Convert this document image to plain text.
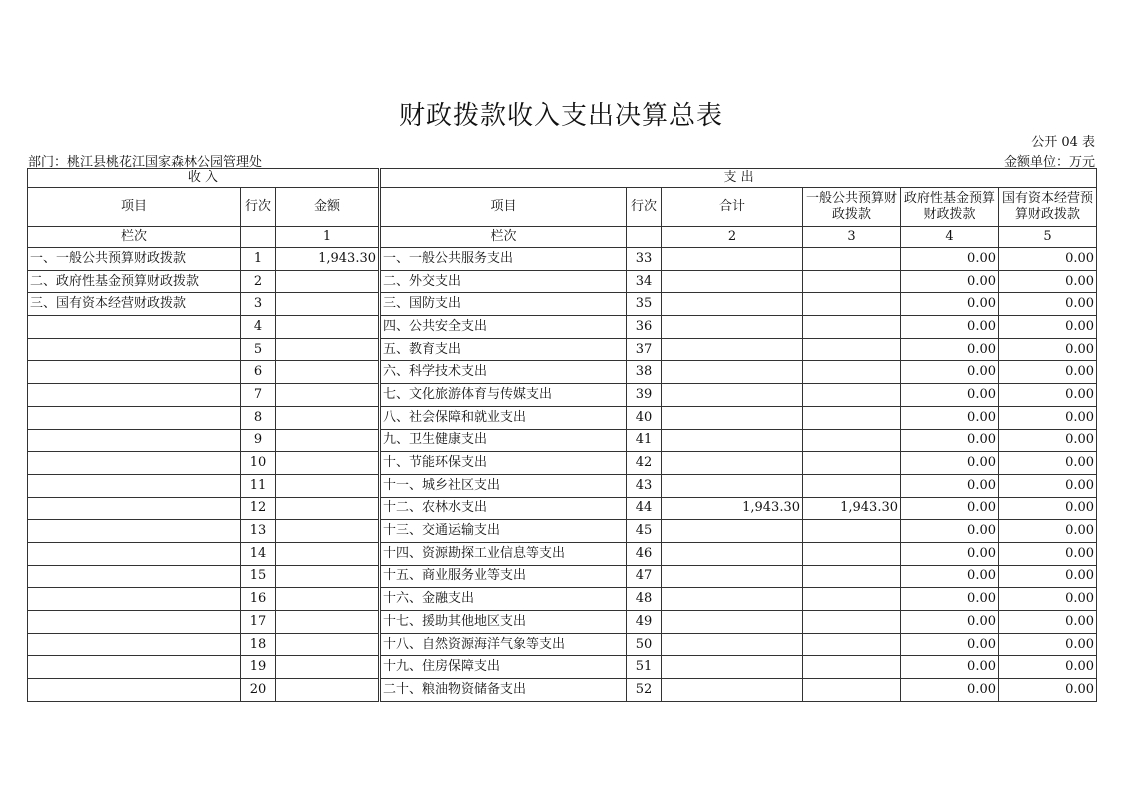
财政拨款收入支出决算总表
公开 04 表
部门：桃江县桃花江国家森林公园管理处	金额单位：万元
收 入			支 出					
项目	行次	金额	项目	行次	合计	一般公共预算财政拨款	政府性基金预算财政拨款	国有资本经营预算财政拨款
栏次		1	栏次		2	3	4	5
一、一般公共预算财政拨款	1	1,943.30	一、一般公共服务支出	33			0.00	0.00
二、政府性基金预算财政拨款	2		二、外交支出	34			0.00	0.00
三、国有资本经营财政拨款	3		三、国防支出	35			0.00	0.00
	4		四、公共安全支出	36			0.00	0.00
	5		五、教育支出	37			0.00	0.00
	6		六、科学技术支出	38			0.00	0.00
	7		七、文化旅游体育与传媒支出	39			0.00	0.00
	8		八、社会保障和就业支出	40			0.00	0.00
	9		九、卫生健康支出	41			0.00	0.00
	10		十、节能环保支出	42			0.00	0.00
	11		十一、城乡社区支出	43			0.00	0.00
	12		十二、农林水支出	44	1,943.30	1,943.30	0.00	0.00
	13		十三、交通运输支出	45			0.00	0.00
	14		十四、资源勘探工业信息等支出	46			0.00	0.00
	15		十五、商业服务业等支出	47			0.00	0.00
	16		十六、金融支出	48			0.00	0.00
	17		十七、援助其他地区支出	49			0.00	0.00
	18		十八、自然资源海洋气象等支出	50			0.00	0.00
	19		十九、住房保障支出	51			0.00	0.00
	20		二十、粮油物资储备支出	52			0.00	0.00
